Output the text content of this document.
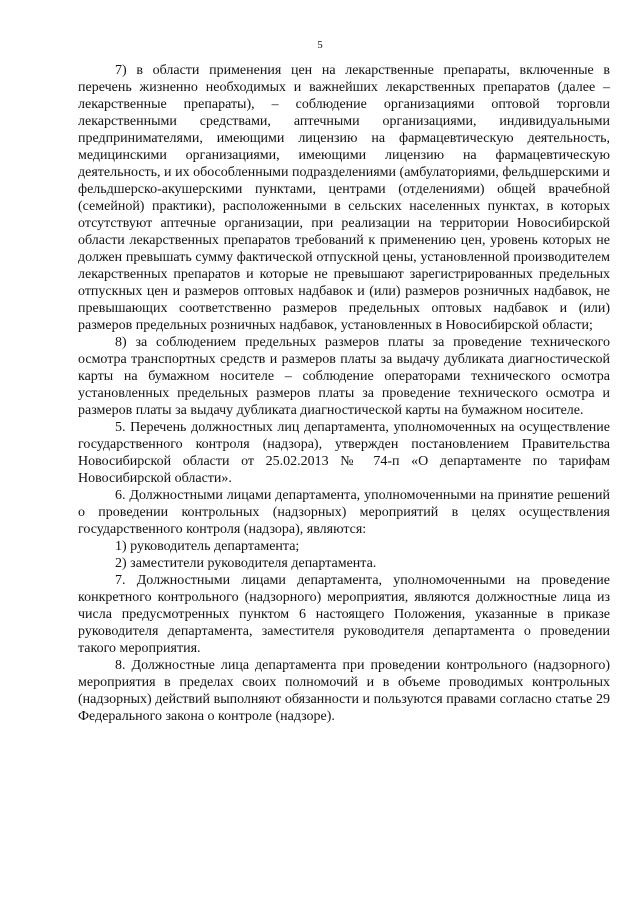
5

7) в области применения цен на лекарственные препараты, включенные в перечень жизненно необходимых и важнейших лекарственных препаратов (далее – лекарственные препараты), – соблюдение организациями оптовой торговли лекарственными средствами, аптечными организациями, индивидуальными предпринимателями, имеющими лицензию на фармацевтическую деятельность, медицинскими организациями, имеющими лицензию на фармацевтическую деятельность, и их обособленными подразделениями (амбулаториями, фельдшерскими и фельдшерско-акушерскими пунктами, центрами (отделениями) общей врачебной (семейной) практики), расположенными в сельских населенных пунктах, в которых отсутствуют аптечные организации, при реализации на территории Новосибирской области лекарственных препаратов требований к применению цен, уровень которых не должен превышать сумму фактической отпускной цены, установленной производителем лекарственных препаратов и которые не превышают зарегистрированных предельных отпускных цен и размеров оптовых надбавок и (или) размеров розничных надбавок, не превышающих соответственно размеров предельных оптовых надбавок и (или) размеров предельных розничных надбавок, установленных в Новосибирской области;

8) за соблюдением предельных размеров платы за проведение технического осмотра транспортных средств и размеров платы за выдачу дубликата диагностической карты на бумажном носителе – соблюдение операторами технического осмотра установленных предельных размеров платы за проведение технического осмотра и размеров платы за выдачу дубликата диагностической карты на бумажном носителе.

5. Перечень должностных лиц департамента, уполномоченных на осуществление государственного контроля (надзора), утвержден постановлением Правительства Новосибирской области от 25.02.2013 № 74-п «О департаменте по тарифам Новосибирской области».

6. Должностными лицами департамента, уполномоченными на принятие решений о проведении контрольных (надзорных) мероприятий в целях осуществления государственного контроля (надзора), являются:

1) руководитель департамента;

2) заместители руководителя департамента.

7. Должностными лицами департамента, уполномоченными на проведение конкретного контрольного (надзорного) мероприятия, являются должностные лица из числа предусмотренных пунктом 6 настоящего Положения, указанные в приказе руководителя департамента, заместителя руководителя департамента о проведении такого мероприятия.

8. Должностные лица департамента при проведении контрольного (надзорного) мероприятия в пределах своих полномочий и в объеме проводимых контрольных (надзорных) действий выполняют обязанности и пользуются правами согласно статье 29 Федерального закона о контроле (надзоре).
